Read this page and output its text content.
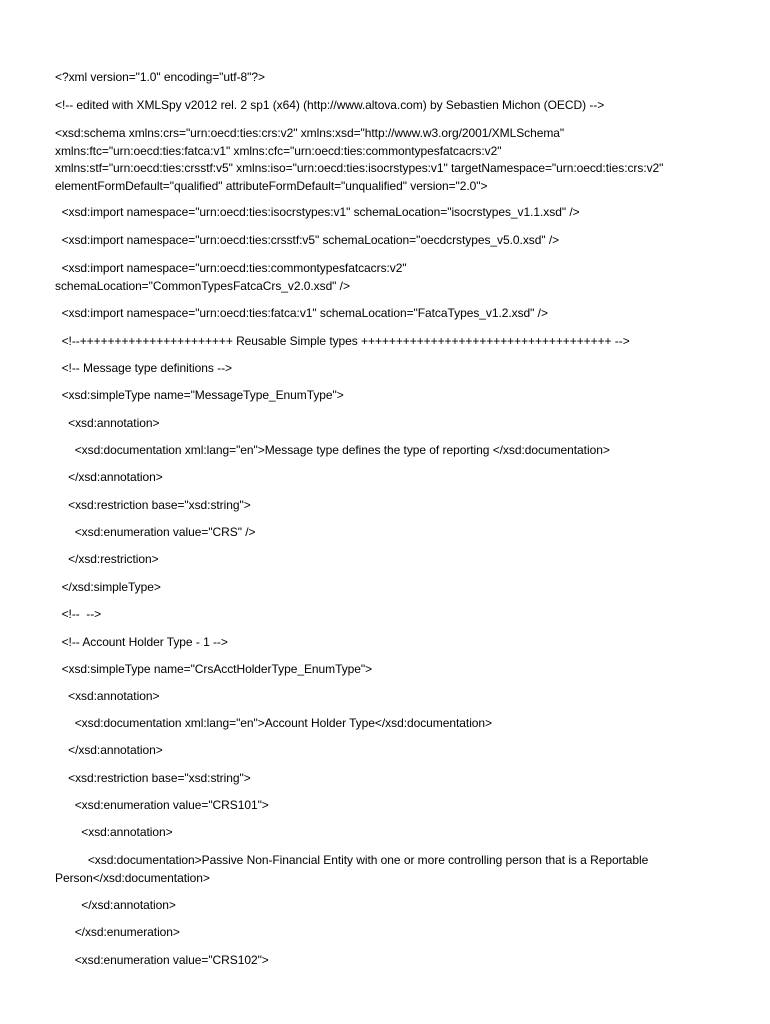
<?xml version="1.0" encoding="utf-8"?>
<!-- edited with XMLSpy v2012 rel. 2 sp1 (x64) (http://www.altova.com) by Sebastien Michon (OECD) -->
<xsd:schema xmlns:crs="urn:oecd:ties:crs:v2" xmlns:xsd="http://www.w3.org/2001/XMLSchema"
xmlns:ftc="urn:oecd:ties:fatca:v1" xmlns:cfc="urn:oecd:ties:commontypesfatcacrs:v2"
xmlns:stf="urn:oecd:ties:crsstf:v5" xmlns:iso="urn:oecd:ties:isocrstypes:v1" targetNamespace="urn:oecd:ties:crs:v2"
elementFormDefault="qualified" attributeFormDefault="unqualified" version="2.0">
<xsd:import namespace="urn:oecd:ties:isocrstypes:v1" schemaLocation="isocrstypes_v1.1.xsd" />
<xsd:import namespace="urn:oecd:ties:crsstf:v5" schemaLocation="oecdcrstypes_v5.0.xsd" />
<xsd:import namespace="urn:oecd:ties:commontypesfatcacrs:v2"
schemaLocation="CommonTypesFatcaCrs_v2.0.xsd" />
<xsd:import namespace="urn:oecd:ties:fatca:v1" schemaLocation="FatcaTypes_v1.2.xsd" />
<!--++++++++++++++++++++++ Reusable Simple types ++++++++++++++++++++++++++++++++++++ -->
<!-- Message type definitions -->
<xsd:simpleType name="MessageType_EnumType">
<xsd:annotation>
<xsd:documentation xml:lang="en">Message type defines the type of reporting </xsd:documentation>
</xsd:annotation>
<xsd:restriction base="xsd:string">
<xsd:enumeration value="CRS" />
</xsd:restriction>
</xsd:simpleType>
<!--  -->
<!-- Account Holder Type - 1 -->
<xsd:simpleType name="CrsAcctHolderType_EnumType">
<xsd:annotation>
<xsd:documentation xml:lang="en">Account Holder Type</xsd:documentation>
</xsd:annotation>
<xsd:restriction base="xsd:string">
<xsd:enumeration value="CRS101">
<xsd:annotation>
<xsd:documentation>Passive Non-Financial Entity with one or more controlling person that is a Reportable
Person</xsd:documentation>
</xsd:annotation>
</xsd:enumeration>
<xsd:enumeration value="CRS102">
